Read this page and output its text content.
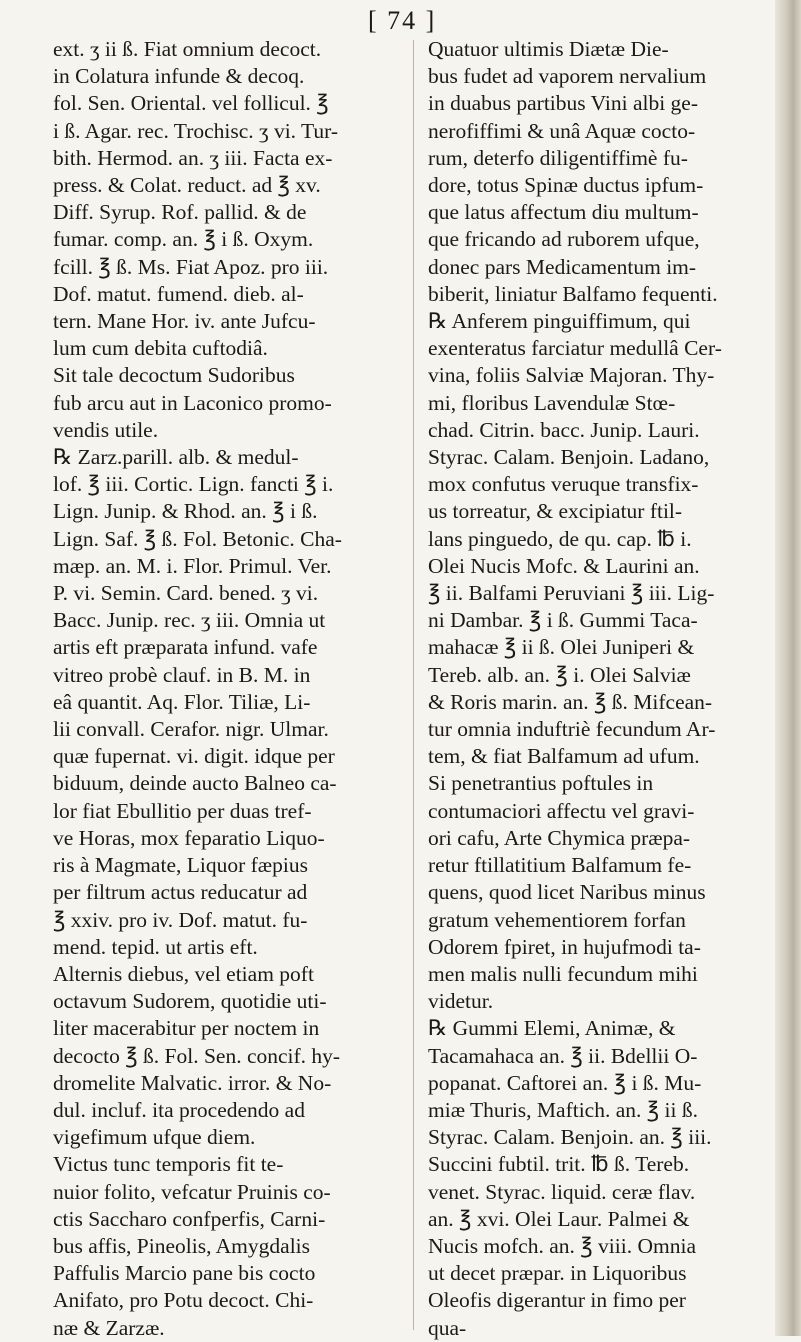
[ 74 ]
ext. ʒ ii ß. Fiat omnium decoct.
in Colatura infunde & decoq.
fol. Sen. Oriental. vel follicul. ℥
i ß. Agar. rec. Trochisc. ʒ vi. Tur-
bith. Hermod. an. ʒ iii. Facta ex-
press. & Colat. reduct. ad ℥ xv.
Diff. Syrup. Rof. pallid. & de
fumar. comp. an. ℥ i ß. Oxym.
fcill. ℥ ß. Ms. Fiat Apoz. pro iii.
Dof. matut. fumend. dieb. al-
tern. Mane Hor. iv. ante Jufcu-
lum cum debita cuftodiâ.
Sit tale decoctum Sudoribus
fub arcu aut in Laconico promo-
vendis utile.
℞ Zarz.parill. alb. & medul-
lof. ℥ iii. Cortic. Lign. fancti ℥ i.
Lign. Junip. & Rhod. an. ℥ i ß.
Lign. Saf. ℥ ß. Fol. Betonic. Cha-
mæp. an. M. i. Flor. Primul. Ver.
P. vi. Semin. Card. bened. ʒ vi.
Bacc. Junip. rec. ʒ iii. Omnia ut
artis eft præparata infund. vafe
vitreo probè clauf. in B. M. in
eâ quantit. Aq. Flor. Tiliæ, Li-
lii convall. Cerafor. nigr. Ulmar.
quæ fupernat. vi. digit. idque per
biduum, deinde aucto Balneo ca-
lor fiat Ebullitio per duas tref-
ve Horas, mox feparatio Liquo-
ris à Magmate, Liquor fæpius
per filtrum actus reducatur ad
℥ xxiv. pro iv. Dof. matut. fu-
mend. tepid. ut artis eft.
Alternis diebus, vel etiam poft
octavum Sudorem, quotidie uti-
liter macerabitur per noctem in
decocto ℥ ß. Fol. Sen. concif. hy-
dromelite Malvatic. irror. & No-
dul. incluf. ita procedendo ad
vigefimum ufque diem.
Victus tunc temporis fit te-
nuior folito, vefcatur Pruinis co-
ctis Saccharo confperfis, Carni-
bus affis, Pineolis, Amygdalis
Paffulis Marcio pane bis cocto
Anifato, pro Potu decoct. Chi-
næ & Zarzæ.
Quatuor ultimis Diætæ Die-
bus fudet ad vaporem nervalium
in duabus partibus Vini albi ge-
nerofiffimi & unâ Aquæ cocto-
rum, deterfo diligentiffimè fu-
dore, totus Spinæ ductus ipfum-
que latus affectum diu multum-
que fricando ad ruborem ufque,
donec pars Medicamentum im-
biberit, liniatur Balfamo fequenti.
℞ Anferem pinguiffimum, qui
exenteratus farciatur medullâ Cer-
vina, foliis Salviæ Majoran. Thy-
mi, floribus Lavendulæ Stœ-
chad. Citrin. bacc. Junip. Lauri.
Styrac. Calam. Benjoin. Ladano,
mox confutus veruque transfix-
us torreatur, & excipiatur ftil-
lans pinguedo, de qu. cap. ℔ i.
Olei Nucis Mofc. & Laurini an.
℥ ii. Balfami Peruviani ℥ iii. Lig-
ni Dambar. ℥ i ß. Gummi Taca-
mahacæ ℥ ii ß. Olei Juniperi &
Tereb. alb. an. ℥ i. Olei Salviæ
& Roris marin. an. ℥ ß. Mifcean-
tur omnia induftriè fecundum Ar-
tem, & fiat Balfamum ad ufum.
Si penetrantius poftules in
contumaciori affectu vel gravi-
ori cafu, Arte Chymica præpa-
retur ftillatitium Balfamum fe-
quens, quod licet Naribus minus
gratum vehementiorem forfan
Odorem fpiret, in hujufmodi ta-
men malis nulli fecundum mihi
videtur.
℞ Gummi Elemi, Animæ, &
Tacamahaca an. ℥ ii. Bdellii O-
popanat. Caftorei an. ℥ i ß. Mu-
miæ Thuris, Maftich. an. ℥ ii ß.
Styrac. Calam. Benjoin. an. ℥ iii.
Succini fubtil. trit. ℔ ß. Tereb.
venet. Styrac. liquid. ceræ flav.
an. ℥ xvi. Olei Laur. Palmei &
Nucis mofch. an. ℥ viii. Omnia
ut decet præpar. in Liquoribus
Oleofis digerantur in fimo per
qua-
